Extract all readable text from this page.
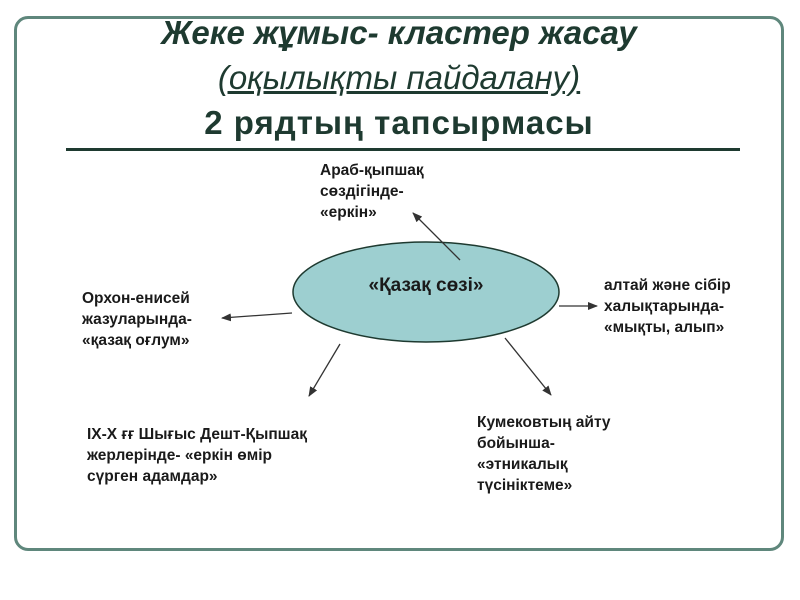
Жеке жұмыс- кластер жасау
(оқылықты пайдалану)
2 рядтың тапсырмасы
«Қазақ сөзі»

Араб-қыпшақ
сөздігінде-
«еркін»

Орхон-енисей
жазуларында-
«қазақ оғлум»

алтай және сібір
халықтарында-
«мықты, алып»

IX-X ғғ Шығыс Дешт-Қыпшақ
жерлерінде- «еркін өмір
сүрген адамдар»

Кумековтың айту
бойынша-
«этникалық
түсініктеме»
